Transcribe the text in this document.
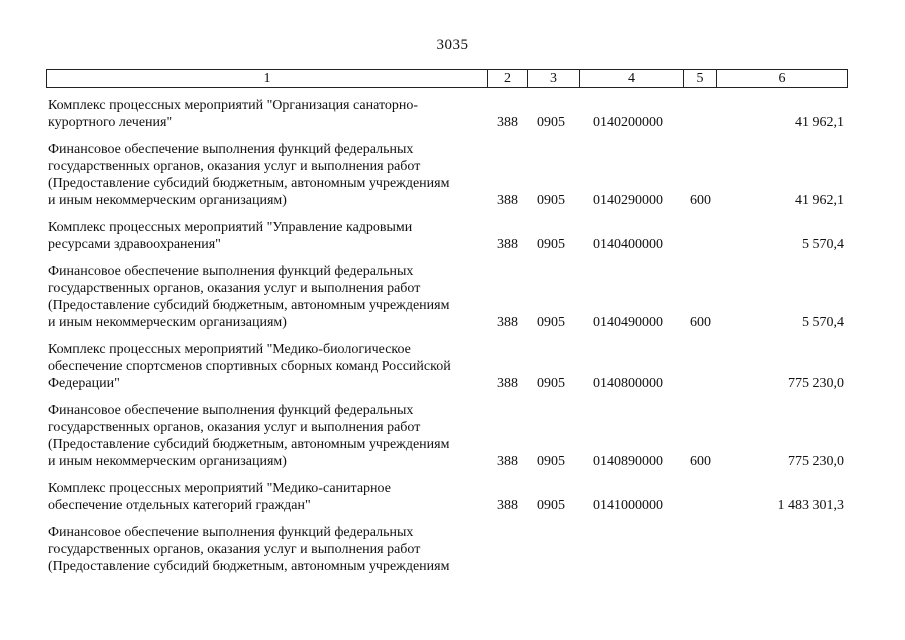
3035
1	2	3	4	5	6
Комплекс процессных мероприятий "Организация санаторно-
курортного лечения"	388 0905 0140200000	41 962,1
Финансовое обеспечение выполнения функций федеральных
государственных органов, оказания услуг и выполнения работ
(Предоставление субсидий бюджетным, автономным учреждениям
и иным некоммерческим организациям)	388 0905 0140290000 600	41 962,1
Комплекс процессных мероприятий "Управление кадровыми
ресурсами здравоохранения"	388 0905 0140400000	5 570,4
Финансовое обеспечение выполнения функций федеральных
государственных органов, оказания услуг и выполнения работ
(Предоставление субсидий бюджетным, автономным учреждениям
и иным некоммерческим организациям)	388 0905 0140490000 600	5 570,4
Комплекс процессных мероприятий "Медико-биологическое
обеспечение спортсменов спортивных сборных команд Российской
Федерации"	388 0905 0140800000	775 230,0
Финансовое обеспечение выполнения функций федеральных
государственных органов, оказания услуг и выполнения работ
(Предоставление субсидий бюджетным, автономным учреждениям
и иным некоммерческим организациям)	388 0905 0140890000 600	775 230,0
Комплекс процессных мероприятий "Медико-санитарное
обеспечение отдельных категорий граждан"	388 0905 0141000000	1 483 301,3
Финансовое обеспечение выполнения функций федеральных
государственных органов, оказания услуг и выполнения работ
(Предоставление субсидий бюджетным, автономным учреждениям
